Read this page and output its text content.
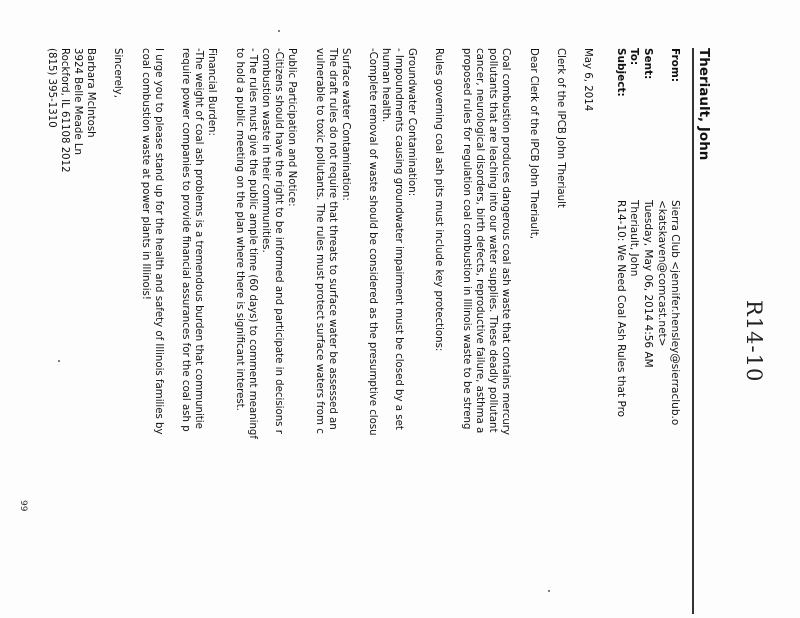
R14-10
Theriault, John
From:
Sierra Club <jennifer.hensley@sierraclub.o
<katskaven@comcast.net>
Sent:
Tuesday, May 06, 2014 4:56 AM
To:
Theriault, John
Subject:
R14-10: We Need Coal Ash Rules that Pro
May 6, 2014
Clerk of the IPCB John Theriault
Dear Clerk of the IPCB John Theriault,
Coal combustion produces dangerous coal ash waste that contains mercury
pollutants that are leaching into our water supplies. These deadly pollutant
cancer, neurological disorders, birth defects, reproductive failure, asthma a
proposed rules for regulation coal combustion in Illinois waste to be streng
Rules governing coal ash pits must include key protections:
Groundwater Contamination:
- Impoundments causing groundwater impairment must be closed by a set
human health.
-Complete removal of waste should be considered as the presumptive closu
Surface water Contamination:
The draft rules do not require that threats to surface water be assessed an
vulnerable to toxic pollutants. The rules must protect surface waters from c
Public Participation and Notice:
-Citizens should have the right to be informed and participate in decisions r
combustion waste in their communities.
- The rules must give the public ample time (60 days) to comment meaningf
to hold a public meeting on the plan where there is significant interest.
Financial Burden:
-The weight of coal ash problems is a tremendous burden that communitie
require power companies to provide financial assurances for the coal ash p
I urge you to please stand up for the health and safety of Illinois families by
coal combustion waste at power plants in Illinois!
Sincerely,
Barbara McIntosh
3924 Belle Meade Ln
Rockford, IL 61108 2012
(815) 395-1310
99
